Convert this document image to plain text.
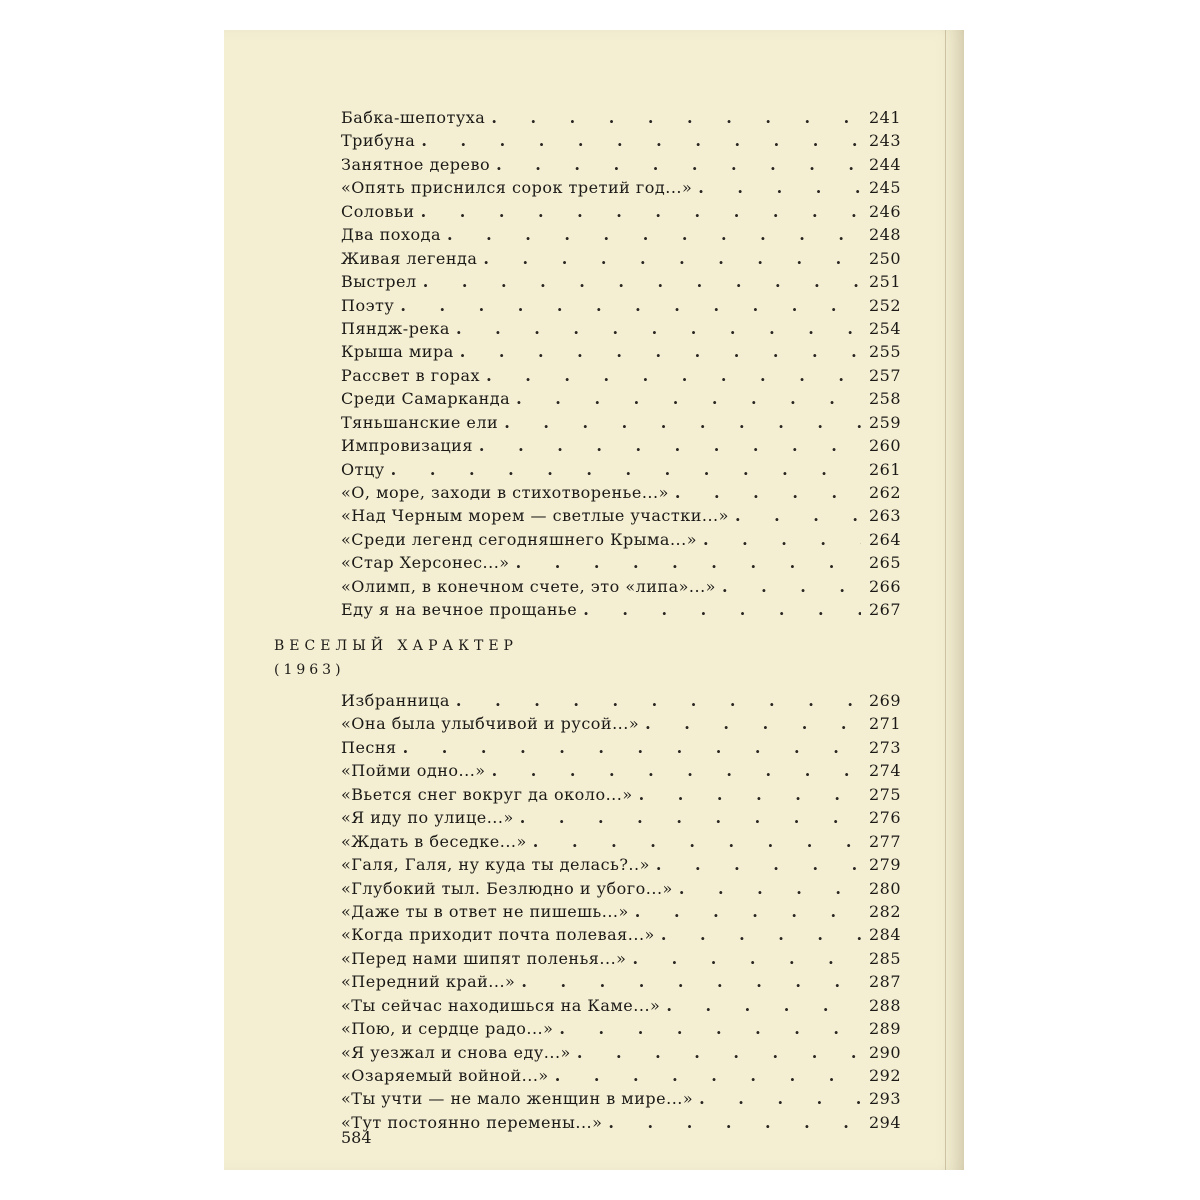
Бабка-шепотуха . . .	241
Трибуна . . .	243
Занятное дерево . . .	244
«Опять приснился сорок третий год...» . . .	245
Соловьи . . .	246
Два похода . . .	248
Живая легенда . . .	250
Выстрел . . .	251
Поэту . . .	252
Пяндж-река . . .	254
Крыша мира . . .	255
Рассвет в горах . . .	257
Среди Самарканда . . .	258
Тяньшанские ели . . .	259
Импровизация . . .	260
Отцу . . .	261
«О, море, заходи в стихотворенье...» . . .	262
«Над Черным морем — светлые участки...» . . .	263
«Среди легенд сегодняшнего Крыма...» . . .	264
«Стар Херсонес...» . . .	265
«Олимп, в конечном счете, это «липа»...» . . .	266
Еду я на вечное прощанье . . .	267
ВЕСЕЛЫЙ ХАРАКТЕР
(1963)
Избранница . . .	269
«Она была улыбчивой и русой...» . . .	271
Песня . . .	273
«Пойми одно...» . . .	274
«Вьется снег вокруг да около...» . . .	275
«Я иду по улице...» . . .	276
«Ждать в беседке...» . . .	277
«Галя, Галя, ну куда ты делась?..» . . .	279
«Глубокий тыл. Безлюдно и убого...» . . .	280
«Даже ты в ответ не пишешь...» . . .	282
«Когда приходит почта полевая...» . . .	284
«Перед нами шипят поленья...» . . .	285
«Передний край...» . . .	287
«Ты сейчас находишься на Каме...» . . .	288
«Пою, и сердце радо...» . . .	289
«Я уезжал и снова еду...» . . .	290
«Озаряемый войной...» . . .	292
«Ты учти — не мало женщин в мире...» . . .	293
«Тут постоянно перемены...» . . .	294
584
